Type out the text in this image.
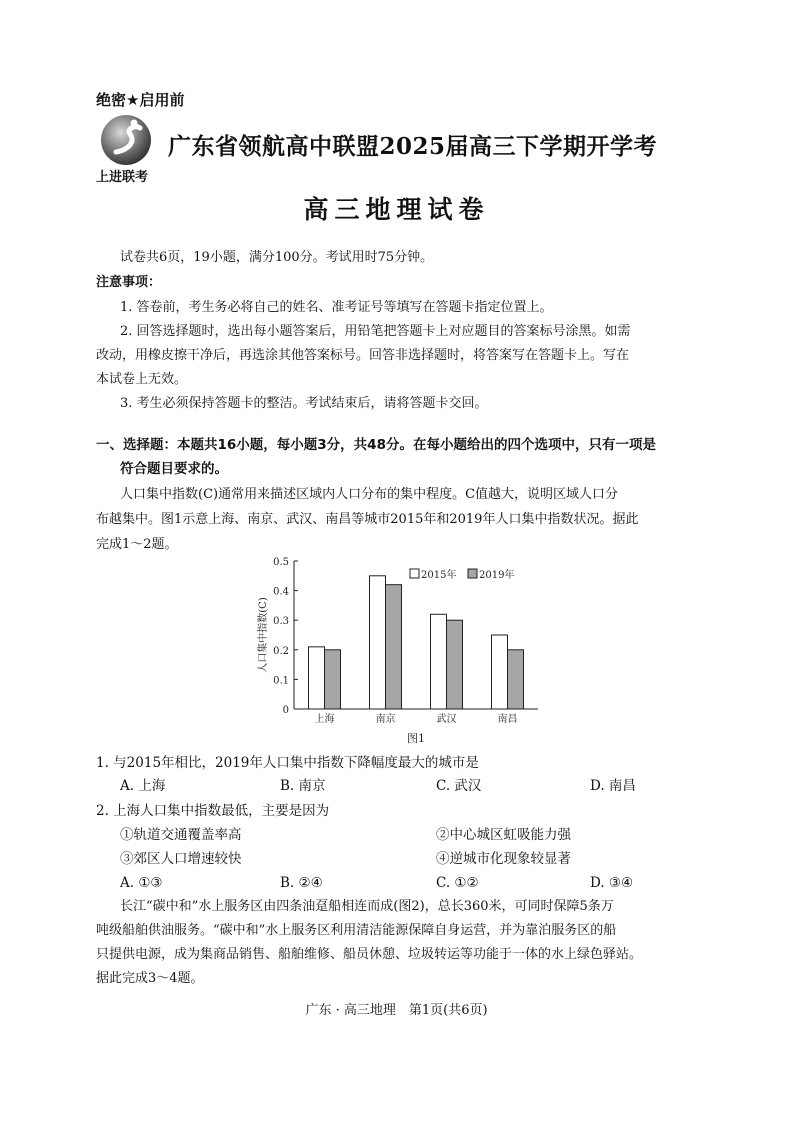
绝密★启用前
上进联考
广东省领航高中联盟2025届高三下学期开学考
高三地理试卷
试卷共6页，19小题，满分100分。考试用时75分钟。
注意事项：
1. 答卷前，考生务必将自己的姓名、准考证号等填写在答题卡指定位置上。
2. 回答选择题时，选出每小题答案后，用铅笔把答题卡上对应题目的答案标号涂黑。如需
改动，用橡皮擦干净后，再选涂其他答案标号。回答非选择题时，将答案写在答题卡上。写在
本试卷上无效。
3. 考生必须保持答题卡的整洁。考试结束后，请将答题卡交回。
一、选择题：本题共16小题，每小题3分，共48分。在每小题给出的四个选项中，只有一项是
符合题目要求的。
人口集中指数(C)通常用来描述区域内人口分布的集中程度。C值越大，说明区域人口分
布越集中。图1示意上海、南京、武汉、南昌等城市2015年和2019年人口集中指数状况。据此
完成1～2题。
0
0.1
0.2
0.3
0.4
0.5
人口集中指数(C)
上海	南京	武汉	南昌
2015年 2019年
图1
1. 与2015年相比，2019年人口集中指数下降幅度最大的城市是
A. 上海	B. 南京	C. 武汉	D. 南昌
2. 上海人口集中指数最低，主要是因为
①轨道交通覆盖率高	②中心城区虹吸能力强
③郊区人口增速较快	④逆城市化现象较显著
A. ①③	B. ②④	C. ①②	D. ③④
长江“碳中和”水上服务区由四条油趸船相连而成(图2)，总长360米，可同时保障5条万
吨级船舶供油服务。“碳中和”水上服务区利用清洁能源保障自身运营，并为靠泊服务区的船
只提供电源，成为集商品销售、船舶维修、船员休憩、垃圾转运等功能于一体的水上绿色驿站。
据此完成3～4题。
广东 · 高三地理　第1页(共6页)
